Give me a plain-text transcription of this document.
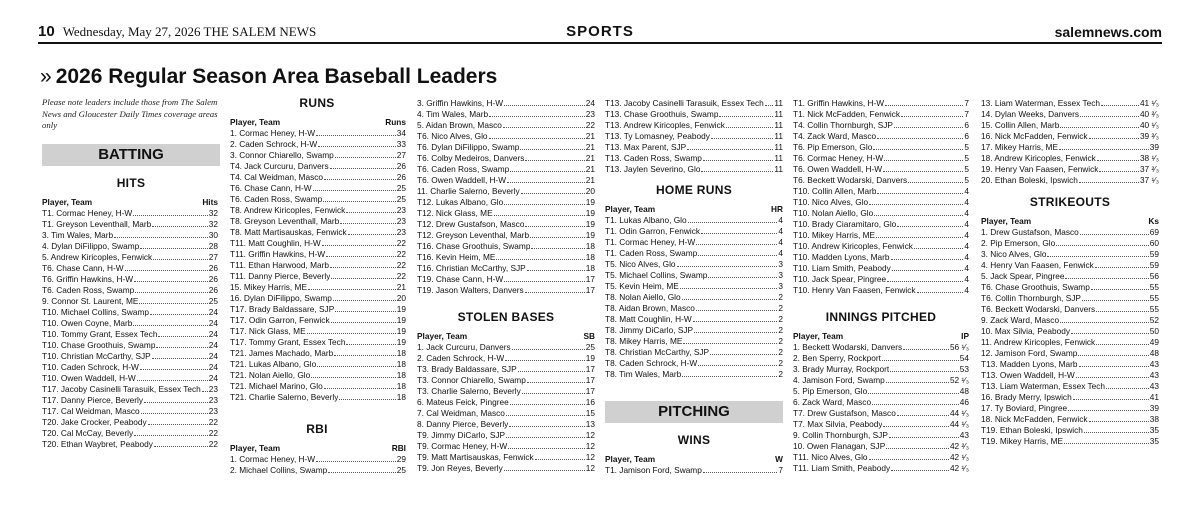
10 Wednesday, May 27, 2026 THE SALEM NEWS	SPORTS	salemnews.com
» 2026 Regular Season Area Baseball Leaders
Please note leaders include those from The Salem News and Gloucester Daily Times coverage areas only
BATTING
HITS
Player, Team	Hits
T1. Cormac Heney, H-W	32
T1. Greyson Leventhall, Marb	32
3. Tim Wales, Marb	30
4. Dylan DiFilippo, Swamp	28
5. Andrew Kiricoples, Fenwick	27
T6. Chase Cann, H-W	26
T6. Griffin Hawkins, H-W	26
T6. Caden Ross, Swamp	26
9. Connor St. Laurent, ME	25
T10. Michael Collins, Swamp	24
T10. Owen Coyne, Marb	24
T10. Tommy Grant, Essex Tech	24
T10. Chase Groothuis, Swamp	24
T10. Christian McCarthy, SJP	24
T10. Caden Schrock, H-W	24
T10. Owen Waddell, H-W	24
T17. Jacoby Casinelli Tarasuik, Essex Tech 23
T17. Danny Pierce, Beverly	23
T17. Cal Weidman, Masco	23
T20. Jake Crocker, Peabody	22
T20. Cal McCay, Beverly	22
T20. Ethan Waybret, Peabody	22
RUNS
Player, Team	Runs
1. Cormac Heney, H-W	34
2. Caden Schrock, H-W	33
3. Connor Chiarello, Swamp	27
T4. Jack Curcuru, Danvers	26
T4. Cal Weidman, Masco	26
T6. Chase Cann, H-W	25
T6. Caden Ross, Swamp	25
T8. Andrew Kiricoples, Fenwick	23
T8. Greyson Leventhall, Marb	23
T8. Matt Martisauskas, Fenwick	23
T11. Matt Coughlin, H-W	22
T11. Griffin Hawkins, H-W	22
T11. Ethan Harwood, Marb	22
T11. Danny Pierce, Beverly	22
15. Mikey Harris, ME	21
16. Dylan DiFilippo, Swamp	20
T17. Brady Baldassare, SJP	19
T17. Odin Garron, Fenwick	19
T17. Nick Glass, ME	19
T17. Tommy Grant, Essex Tech	19
T21. James Machado, Marb	18
T21. Lukas Albano, Glo	18
T21. Nolan Aiello, Glo	18
T21. Michael Marino, Glo	18
T21. Charlie Salerno, Beverly	18
RBI
Player, Team	RBI
1. Cormac Heney, H-W	29
2. Michael Collins, Swamp	25
3. Griffin Hawkins, H-W	24
4. Tim Wales, Marb	23
5. Aidan Brown, Masco	22
T6. Nico Alves, Glo	21
T6. Dylan DiFilippo, Swamp	21
T6. Colby Medeiros, Danvers	21
T6. Caden Ross, Swamp	21
T6. Owen Waddell, H-W	21
11. Charlie Salerno, Beverly	20
T12. Lukas Albano, Glo	19
T12. Nick Glass, ME	19
T12. Drew Gustafson, Masco	19
T12. Greyson Leventhal, Marb	19
T16. Chase Groothuis, Swamp	18
T16. Kevin Heim, ME	18
T16. Christian McCarthy, SJP	18
T19. Chase Cann, H-W	17
T19. Jason Walters, Danvers	17
STOLEN BASES
Player, Team	SB
1. Jack Curcuru, Danvers	25
2. Caden Schrock, H-W	19
T3. Brady Baldassare, SJP	17
T3. Connor Chiarello, Swamp	17
T3. Charlie Salerno, Beverly	17
6. Mateus Feick, Pingree	16
7. Cal Weidman, Masco	15
8. Danny Pierce, Beverly	13
T9. Jimmy DiCarlo, SJP	12
T9. Cormac Heney, H-W	12
T9. Matt Martisauskas, Fenwick	12
T9. Jon Reyes, Beverly	12
T13. Jacoby Casinelli Tarasuik, Essex Tech 11
T13. Chase Groothuis, Swamp	11
T13. Andrew Kiricoples, Fenwick	11
T13. Ty Lomasney, Peabody	11
T13. Max Parent, SJP	11
T13. Caden Ross, Swamp	11
T13. Jaylen Severino, Glo	11
HOME RUNS
Player, Team	HR
T1. Lukas Albano, Glo	4
T1. Odin Garron, Fenwick	4
T1. Cormac Heney, H-W	4
T1. Caden Ross, Swamp	4
T5. Nico Alves, Glo	3
T5. Michael Collins, Swamp	3
T5. Kevin Heim, ME	3
T8. Nolan Aiello, Glo	2
T8. Aidan Brown, Masco	2
T8. Matt Coughlin, H-W	2
T8. Jimmy DiCarlo, SJP	2
T8. Mikey Harris, ME	2
T8. Christian McCarthy, SJP	2
T8. Caden Schrock, H-W	2
T8. Tim Wales, Marb	2
PITCHING
WINS
Player, Team	W
T1. Jamison Ford, Swamp	7
T1. Griffin Hawkins, H-W	7
T1. Nick McFadden, Fenwick	7
T4. Collin Thornburgh, SJP	6
T4. Zack Ward, Masco	6
T6. Pip Emerson, Glo	5
T6. Cormac Heney, H-W	5
T6. Owen Waddell, H-W	5
T6. Beckett Wodarski, Danvers	5
T10. Collin Allen, Marb	4
T10. Nico Alves, Glo	4
T10. Nolan Aiello, Glo	4
T10. Brady Ciaramitaro, Glo	4
T10. Mikey Harris, ME	4
T10. Andrew Kiricoples, Fenwick	4
T10. Madden Lyons, Marb	4
T10. Liam Smith, Peabody	4
T10. Jack Spear, Pingree	4
T10. Henry Van Faasen, Fenwick	4
INNINGS PITCHED
Player, Team	IP
1. Beckett Wodarski, Danvers	56 ¹⁄₃
2. Ben Sperry, Rockport	54
3. Brady Murray, Rockport	53
4. Jamison Ford, Swamp	52 ¹⁄₃
5. Pip Emerson, Glo	48
6. Zack Ward, Masco	46
T7. Drew Gustafson, Masco	44 ¹⁄₃
T7. Max Silvia, Peabody	44 ¹⁄₃
9. Collin Thornburgh, SJP	43
10. Owen Flanagan, SJP	42 ²⁄₃
T11. Nico Alves, Glo	42 ¹⁄₃
T11. Liam Smith, Peabody	42 ¹⁄₃
13. Liam Waterman, Essex Tech	41 ¹⁄₃
14. Dylan Weeks, Danvers	40 ²⁄₃
15. Collin Allen, Marb	40 ¹⁄₃
16. Nick McFadden, Fenwick	39 ²⁄₃
17. Mikey Harris, ME	39
18. Andrew Kiricoples, Fenwick	38 ¹⁄₃
19. Henry Van Faasen, Fenwick	37 ²⁄₃
20. Ethan Boleski, Ipswich	37 ¹⁄₃
STRIKEOUTS
Player, Team	Ks
1. Drew Gustafson, Masco	69
2. Pip Emerson, Glo	60
3. Nico Alves, Glo	59
4. Henry Van Faasen, Fenwick	59
5. Jack Spear, Pingree	56
T6. Chase Groothuis, Swamp	55
T6. Collin Thornburgh, SJP	55
T6. Beckett Wodarski, Danvers	55
9. Zack Ward, Masco	52
10. Max Silvia, Peabody	50
11. Andrew Kiricoples, Fenwick	49
12. Jamison Ford, Swamp	48
T13. Madden Lyons, Marb	43
T13. Owen Waddell, H-W	43
T13. Liam Waterman, Essex Tech	43
16. Brady Merry, Ipswich	41
17. Ty Boviard, Pingree	39
18. Nick McFadden, Fenwick	38
T19. Ethan Boleski, Ipswich	35
T19. Mikey Harris, ME	35
